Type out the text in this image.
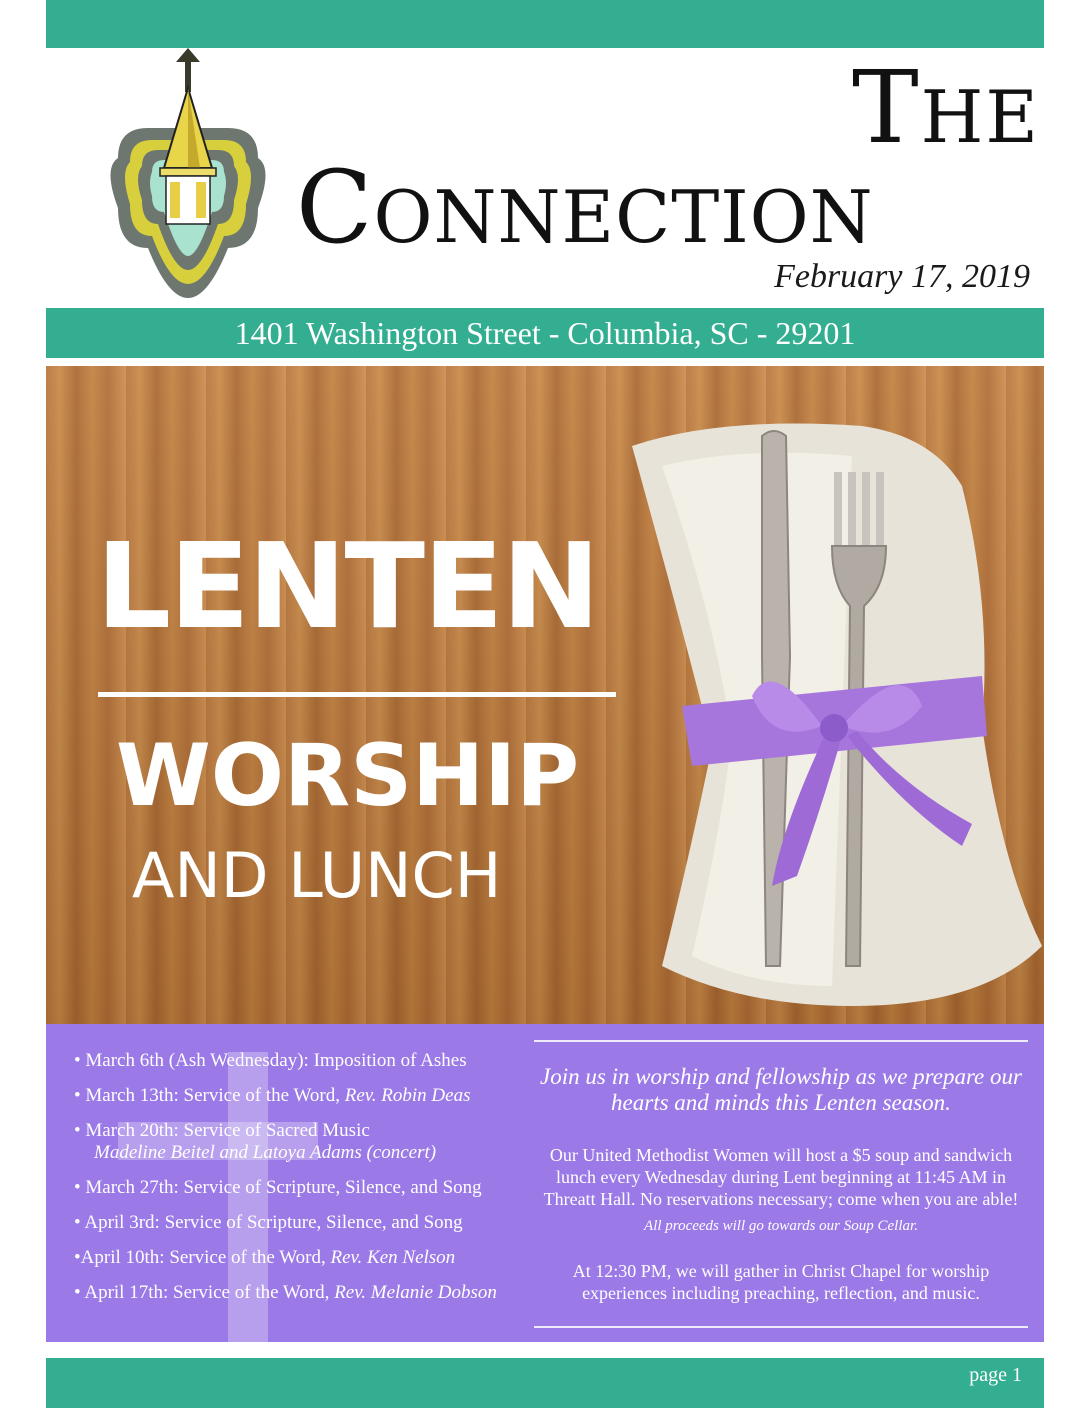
THE
CONNECTION
February 17, 2019
1401 Washington Street - Columbia, SC - 29201
LENTEN
WORSHIP
AND LUNCH
• March 6th (Ash Wednesday): Imposition of Ashes
• March 13th: Service of the Word, Rev. Robin Deas
• March 20th: Service of Sacred Music
Madeline Beitel and Latoya Adams (concert)
• March 27th: Service of Scripture, Silence, and Song
• April 3rd: Service of Scripture, Silence, and Song
•April 10th: Service of the Word, Rev. Ken Nelson
• April 17th: Service of the Word, Rev. Melanie Dobson
Join us in worship and fellowship as we prepare our hearts and minds this Lenten season.
Our United Methodist Women will host a $5 soup and sandwich lunch every Wednesday during Lent beginning at 11:45 AM in Threatt Hall. No reservations necessary; come when you are able!
All proceeds will go towards our Soup Cellar.
At 12:30 PM, we will gather in Christ Chapel for worship experiences including preaching, reflection, and music.
page 1
